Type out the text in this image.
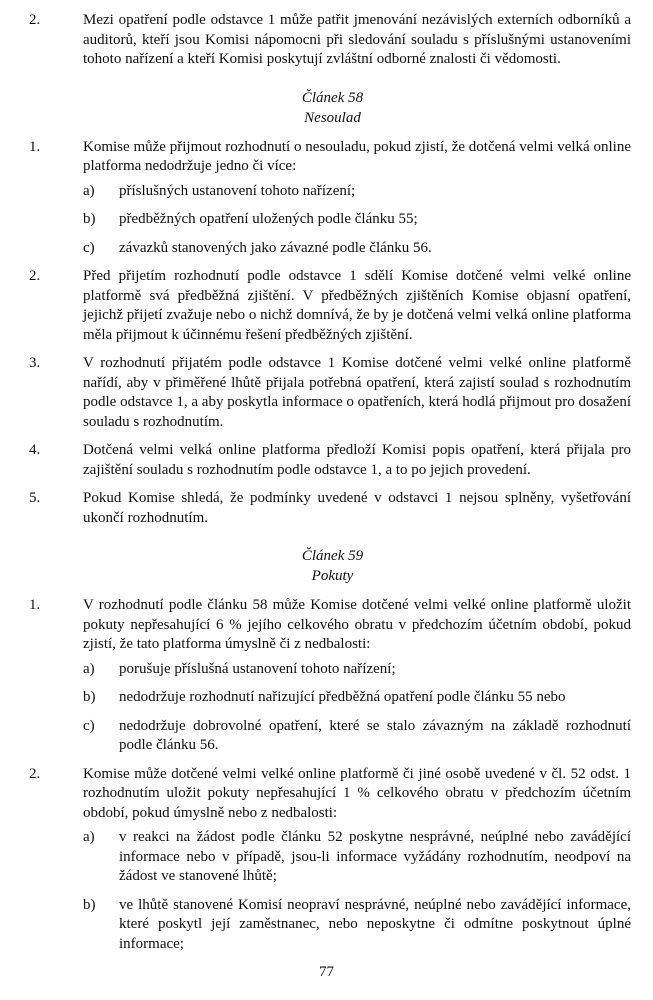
2.	Mezi opatření podle odstavce 1 může patřit jmenování nezávislých externích odborníků a auditorů, kteří jsou Komisi nápomocni při sledování souladu s příslušnými ustanoveními tohoto nařízení a kteří Komisi poskytují zvláštní odborné znalosti či vědomosti.
Článek 58
Nesoulad
1.	Komise může přijmout rozhodnutí o nesouladu, pokud zjistí, že dotčená velmi velká online platforma nedodržuje jedno či více:
a)	příslušných ustanovení tohoto nařízení;
b)	předběžných opatření uložených podle článku 55;
c)	závazků stanovených jako závazné podle článku 56.
2.	Před přijetím rozhodnutí podle odstavce 1 sdělí Komise dotčené velmi velké online platformě svá předběžná zjištění. V předběžných zjištěních Komise objasní opatření, jejichž přijetí zvažuje nebo o nichž domnívá, že by je dotčená velmi velká online platforma měla přijmout k účinnému řešení předběžných zjištění.
3.	V rozhodnutí přijatém podle odstavce 1 Komise dotčené velmi velké online platformě nařídí, aby v přiměřené lhůtě přijala potřebná opatření, která zajistí soulad s rozhodnutím podle odstavce 1, a aby poskytla informace o opatřeních, která hodlá přijmout pro dosažení souladu s rozhodnutím.
4.	Dotčená velmi velká online platforma předloží Komisi popis opatření, která přijala pro zajištění souladu s rozhodnutím podle odstavce 1, a to po jejich provedení.
5.	Pokud Komise shledá, že podmínky uvedené v odstavci 1 nejsou splněny, vyšetřování ukončí rozhodnutím.
Článek 59
Pokuty
1.	V rozhodnutí podle článku 58 může Komise dotčené velmi velké online platformě uložit pokuty nepřesahující 6 % jejího celkového obratu v předchozím účetním období, pokud zjistí, že tato platforma úmyslně či z nedbalosti:
a)	porušuje příslušná ustanovení tohoto nařízení;
b)	nedodržuje rozhodnutí nařizující předběžná opatření podle článku 55 nebo
c)	nedodržuje dobrovolné opatření, které se stalo závazným na základě rozhodnutí podle článku 56.
2.	Komise může dotčené velmi velké online platformě či jiné osobě uvedené v čl. 52 odst. 1 rozhodnutím uložit pokuty nepřesahující 1 % celkového obratu v předchozím účetním období, pokud úmyslně nebo z nedbalosti:
a)	v reakci na žádost podle článku 52 poskytne nesprávné, neúplné nebo zavádějící informace nebo v případě, jsou-li informace vyžádány rozhodnutím, neodpoví na žádost ve stanovené lhůtě;
b)	ve lhůtě stanovené Komisí neopraví nesprávné, neúplné nebo zavádějící informace, které poskytl její zaměstnanec, nebo neposkytne či odmítne poskytnout úplné informace;
77
